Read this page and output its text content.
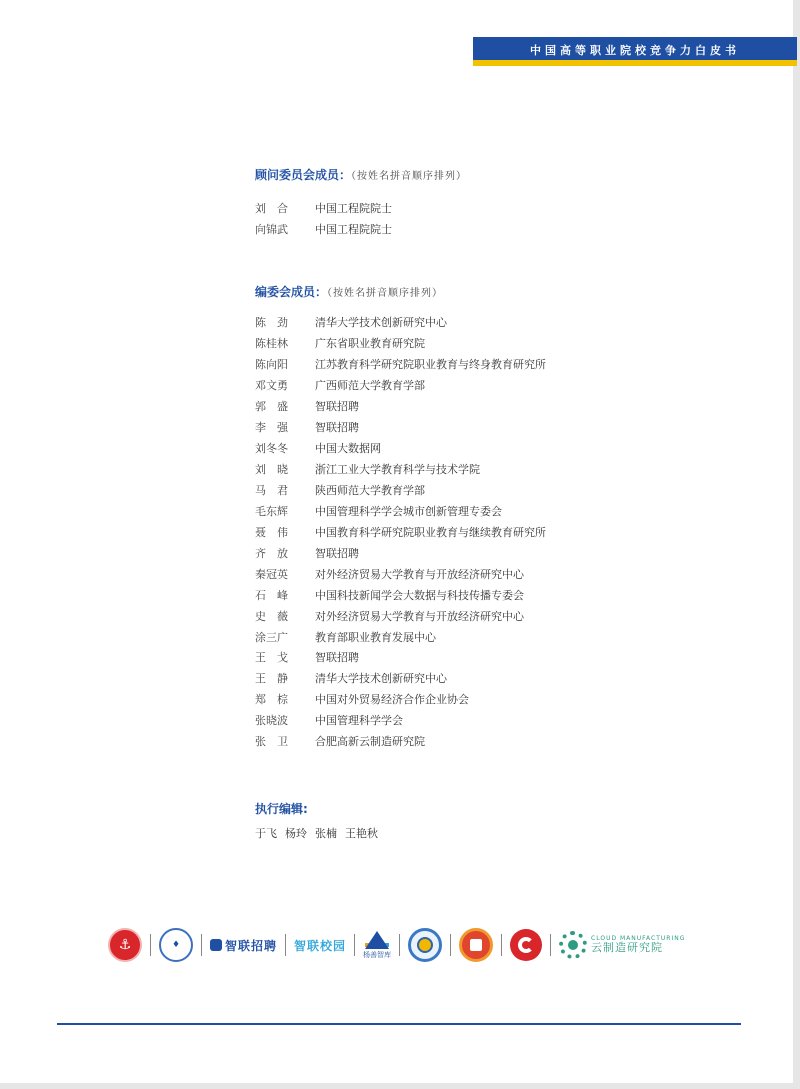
中国高等职业院校竞争力白皮书
顾问委员会成员：（按姓名拼音顺序排列）
刘　合	中国工程院院士
向锦武	中国工程院院士
编委会成员：（按姓名拼音顺序排列）
陈　劲	清华大学技术创新研究中心
陈桂林	广东省职业教育研究院
陈向阳	江苏教育科学研究院职业教育与终身教育研究所
邓文勇	广西师范大学教育学部
郭　盛	智联招聘
李　强	智联招聘
刘冬冬	中国大数据网
刘　晓	浙江工业大学教育科学与技术学院
马　君	陕西师范大学教育学部
毛东辉	中国管理科学学会城市创新管理专委会
聂　伟	中国教育科学研究院职业教育与继续教育研究所
齐　放	智联招聘
秦冠英	对外经济贸易大学教育与开放经济研究中心
石　峰	中国科技新闻学会大数据与科技传播专委会
史　薇	对外经济贸易大学教育与开放经济研究中心
涂三广	教育部职业教育发展中心
王　戈	智联招聘
王　静	清华大学技术创新研究中心
郑　棕	中国对外贸易经济合作企业协会
张晓波	中国管理科学学会
张　卫	合肥高新云制造研究院
执行编辑:
于飞 杨玲 张楠 王艳秋
⚓	♦	智联招聘 智联校园
杨善智库
CLOUD MANUFACTURING
云制造研究院
